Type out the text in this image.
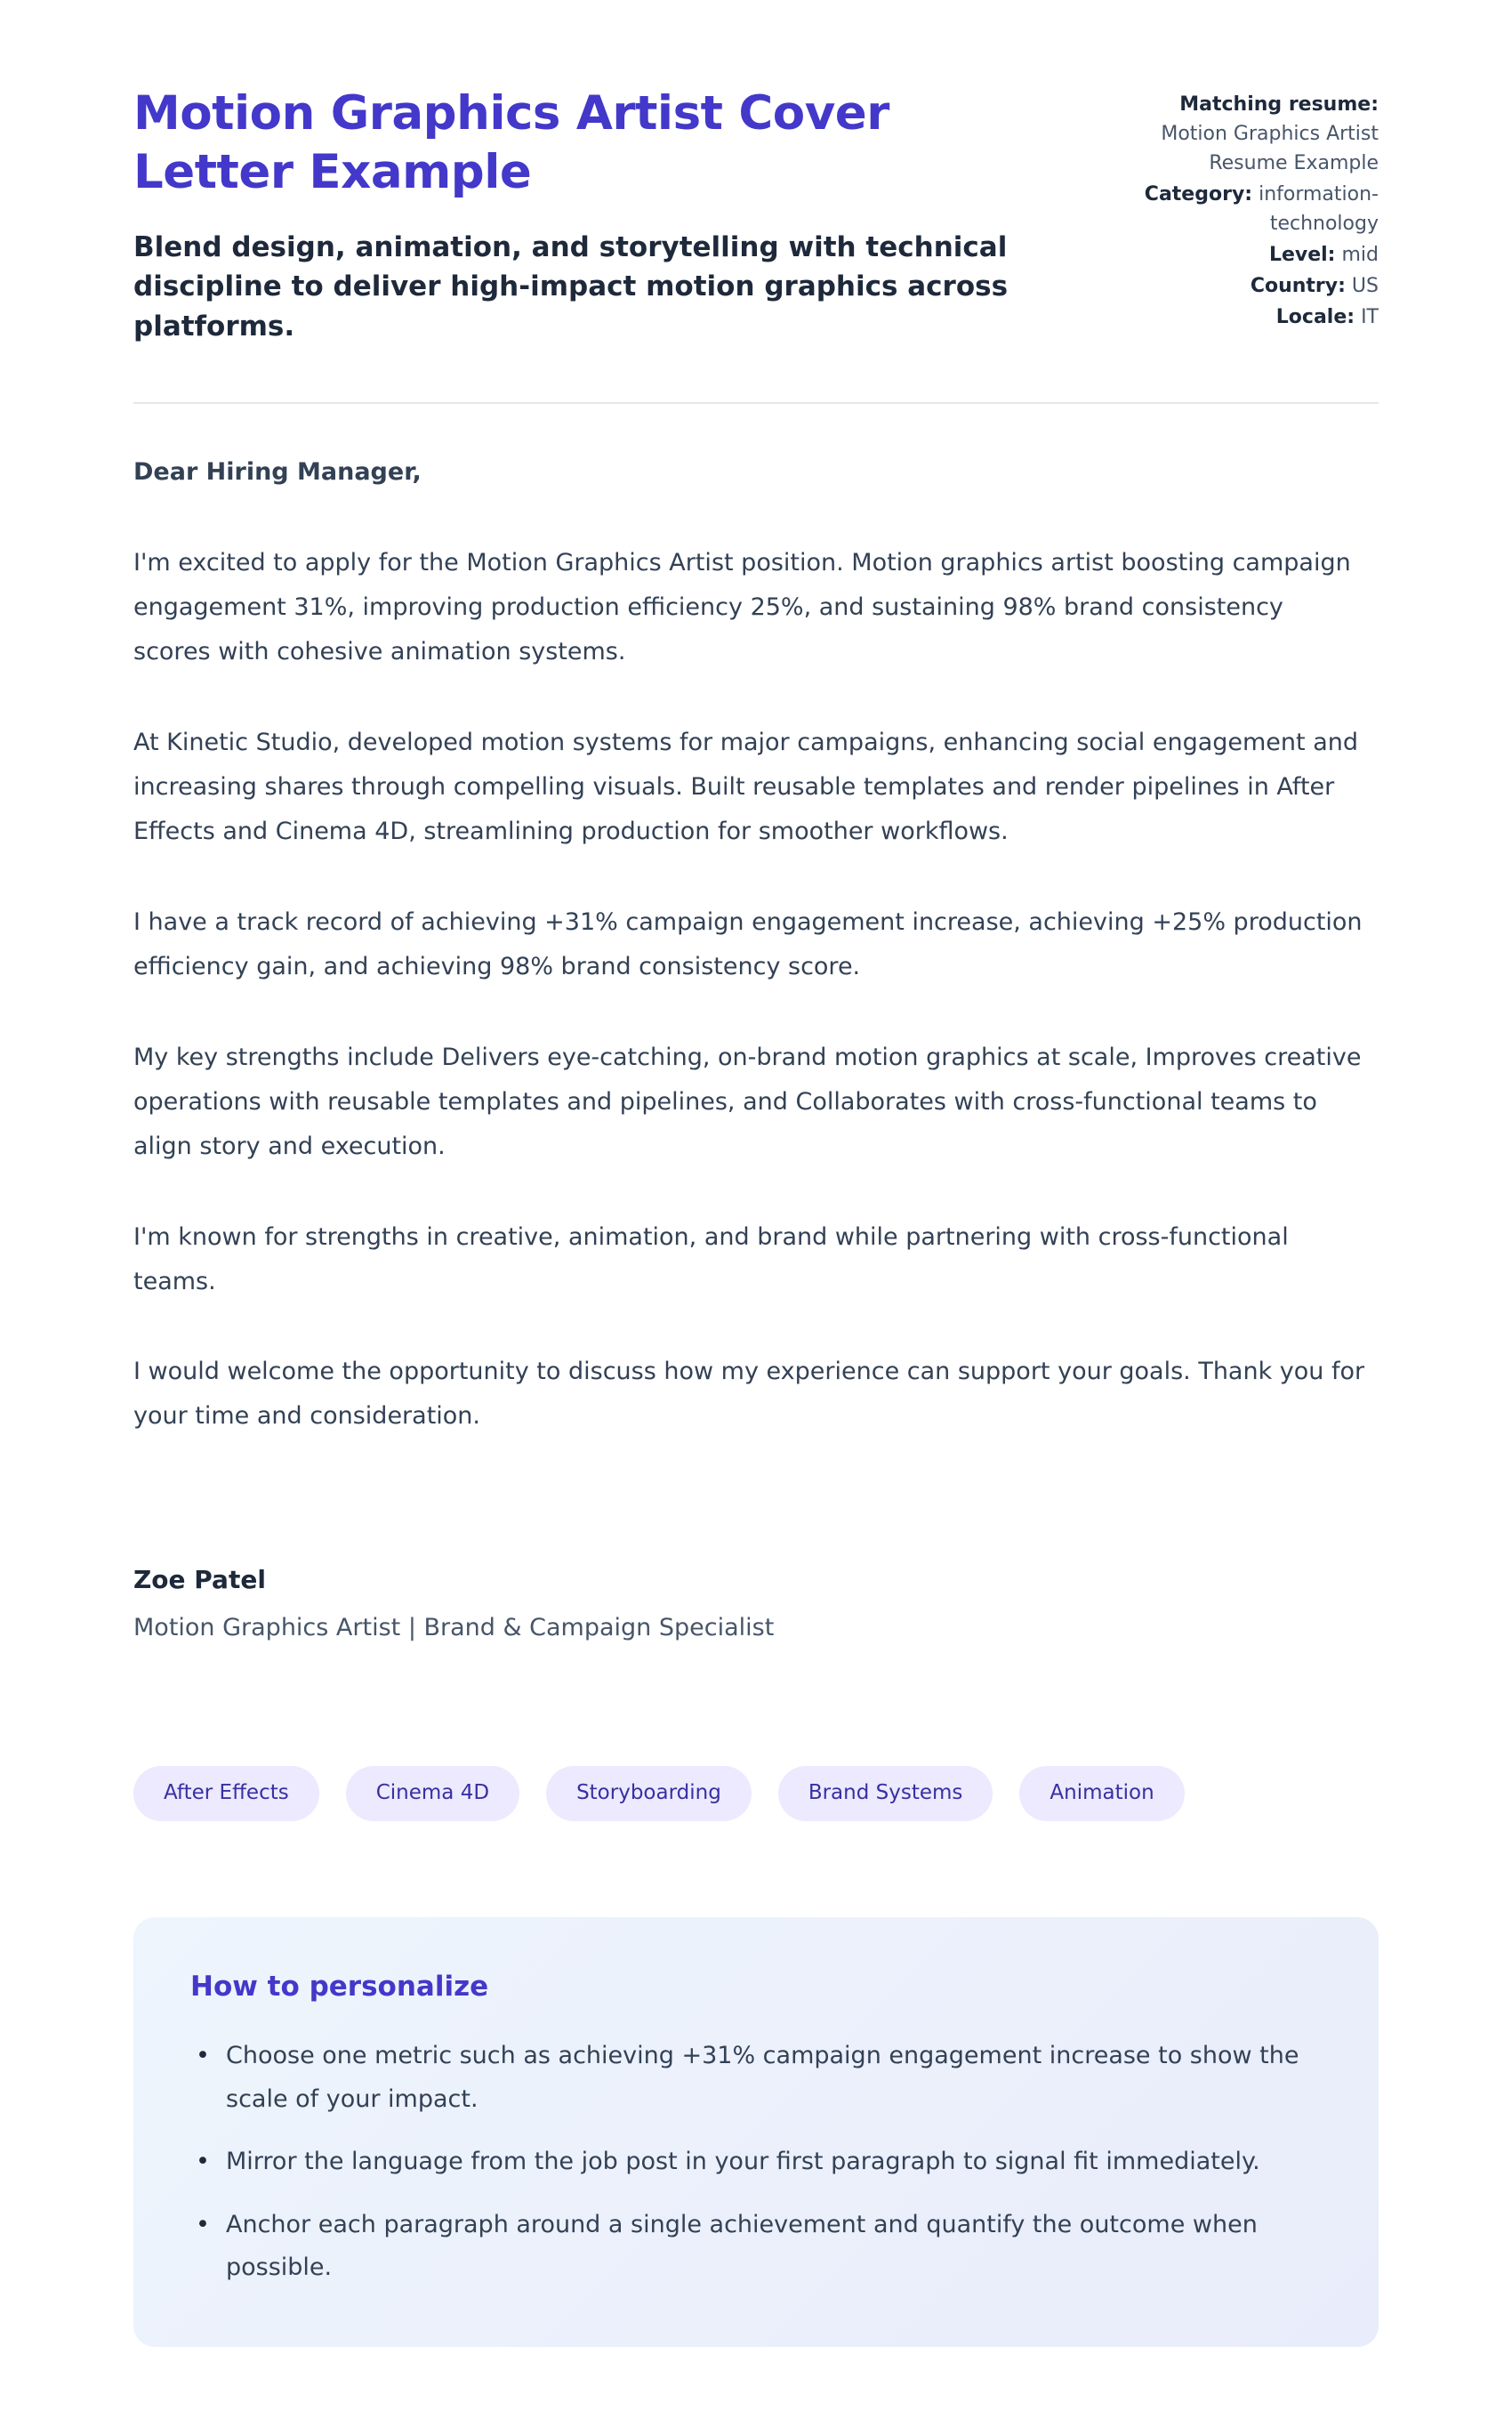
Motion Graphics Artist Cover Letter Example

Blend design, animation, and storytelling with technical discipline to deliver high-impact motion graphics across platforms.

Matching resume: Motion Graphics Artist Resume Example
Category: information-technology
Level: mid
Country: US
Locale: IT

Dear Hiring Manager,

I'm excited to apply for the Motion Graphics Artist position. Motion graphics artist boosting campaign engagement 31%, improving production efficiency 25%, and sustaining 98% brand consistency scores with cohesive animation systems.

At Kinetic Studio, developed motion systems for major campaigns, enhancing social engagement and increasing shares through compelling visuals. Built reusable templates and render pipelines in After Effects and Cinema 4D, streamlining production for smoother workflows.

I have a track record of achieving +31% campaign engagement increase, achieving +25% production efficiency gain, and achieving 98% brand consistency score.

My key strengths include Delivers eye-catching, on-brand motion graphics at scale, Improves creative operations with reusable templates and pipelines, and Collaborates with cross-functional teams to align story and execution.

I'm known for strengths in creative, animation, and brand while partnering with cross-functional teams.

I would welcome the opportunity to discuss how my experience can support your goals. Thank you for your time and consideration.

Zoe Patel
Motion Graphics Artist | Brand & Campaign Specialist
After Effects	Cinema 4D	Storyboarding	Brand Systems	Animation
How to personalize
• Choose one metric such as achieving +31% campaign engagement increase to show the scale of your impact.
• Mirror the language from the job post in your first paragraph to signal fit immediately.
• Anchor each paragraph around a single achievement and quantify the outcome when possible.
